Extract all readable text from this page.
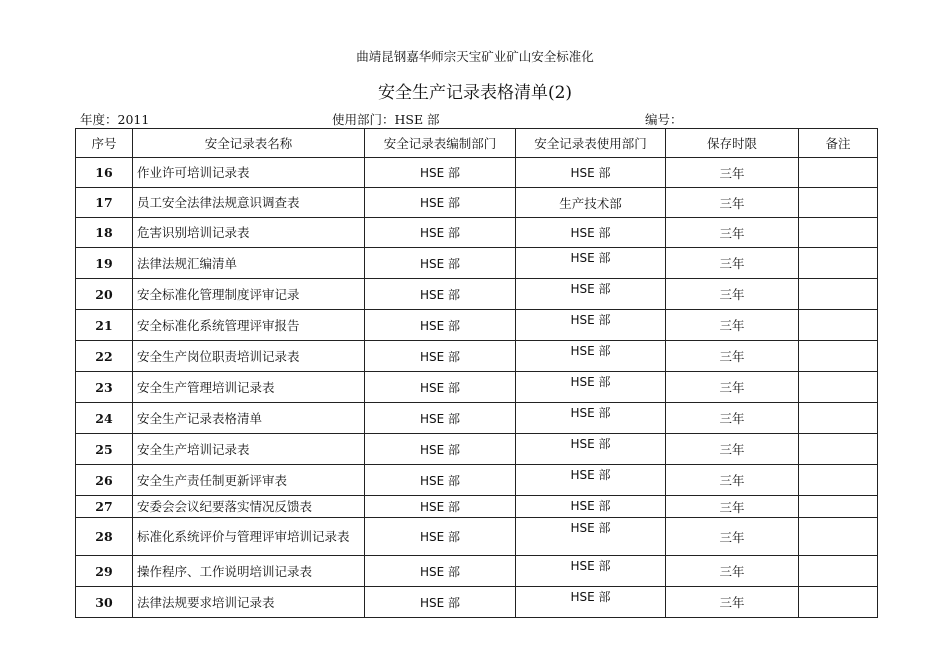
曲靖昆钢嘉华师宗天宝矿业矿山安全标准化
安全生产记录表格清单(2)
年度：2011	使用部门：HSE 部	编号：
序号	安全记录表名称	安全记录表编制部门	安全记录表使用部门	保存时限	备注
16	作业许可培训记录表	HSE 部	HSE 部	三年	
17	员工安全法律法规意识调查表	HSE 部	生产技术部	三年	
18	危害识别培训记录表	HSE 部	HSE 部	三年	
19	法律法规汇编清单	HSE 部	HSE 部	三年	
20	安全标准化管理制度评审记录	HSE 部	HSE 部	三年	
21	安全标准化系统管理评审报告	HSE 部	HSE 部	三年	
22	安全生产岗位职责培训记录表	HSE 部	HSE 部	三年	
23	安全生产管理培训记录表	HSE 部	HSE 部	三年	
24	安全生产记录表格清单	HSE 部	HSE 部	三年	
25	安全生产培训记录表	HSE 部	HSE 部	三年	
26	安全生产责任制更新评审表	HSE 部	HSE 部	三年	
27	安委会会议纪要落实情况反馈表	HSE 部	HSE 部	三年	
28	标准化系统评价与管理评审培训记录表	HSE 部	HSE 部	三年	
29	操作程序、工作说明培训记录表	HSE 部	HSE 部	三年	
30	法律法规要求培训记录表	HSE 部	HSE 部	三年	
